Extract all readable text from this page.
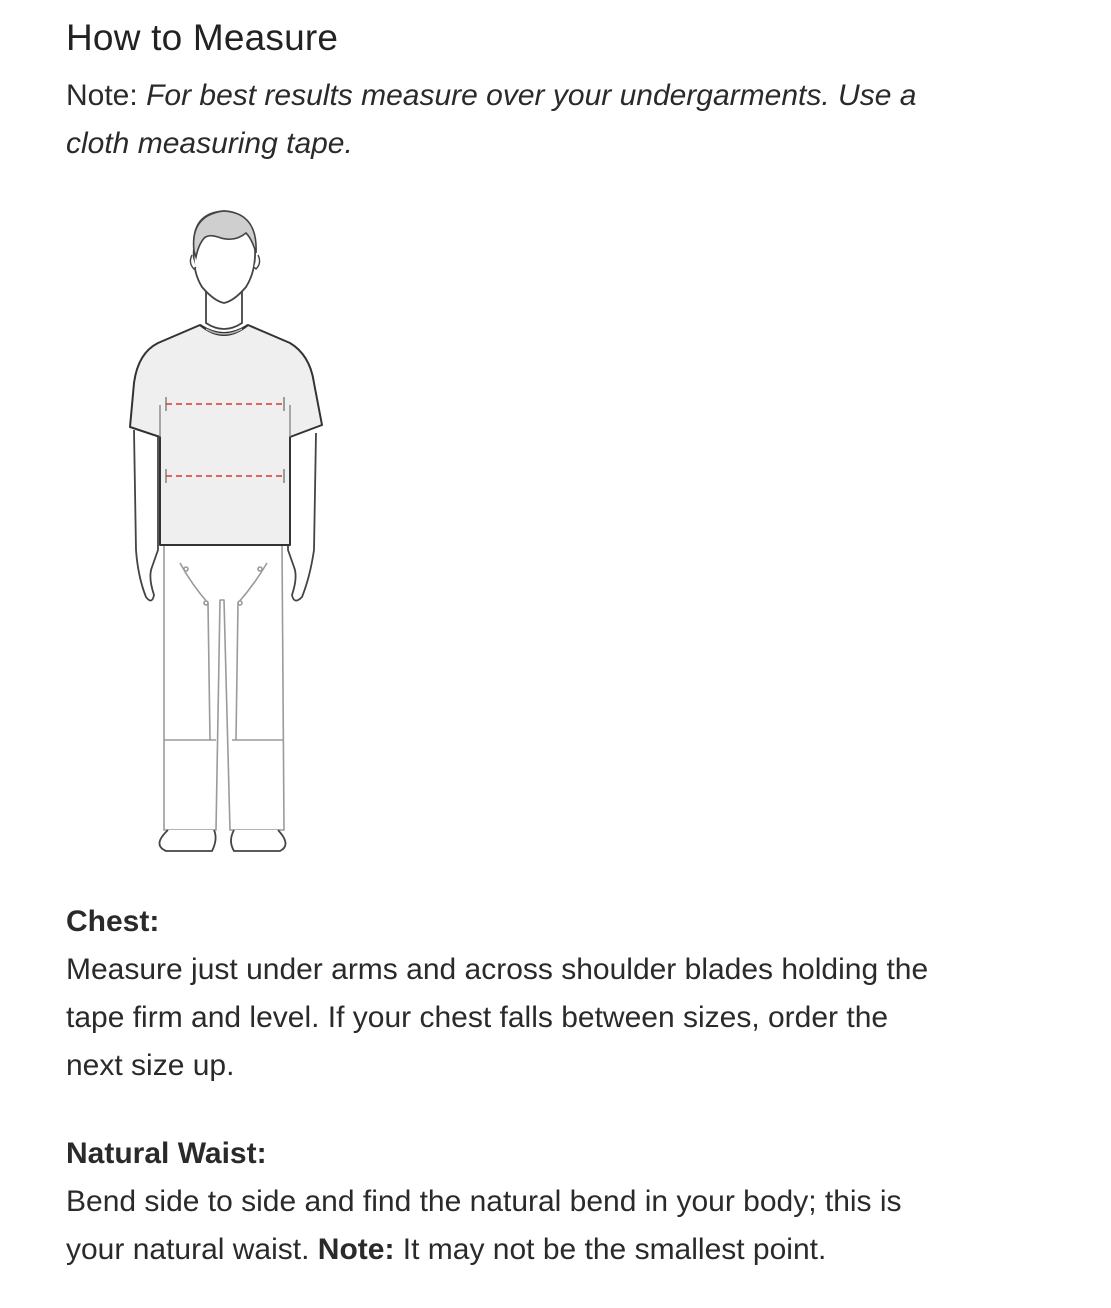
How to Measure

Note: For best results measure over your undergarments. Use a cloth measuring tape.

Chest:

Measure just under arms and across shoulder blades holding the tape firm and level. If your chest falls between sizes, order the next size up.

Natural Waist:

Bend side to side and find the natural bend in your body; this is your natural waist. Note: It may not be the smallest point.
